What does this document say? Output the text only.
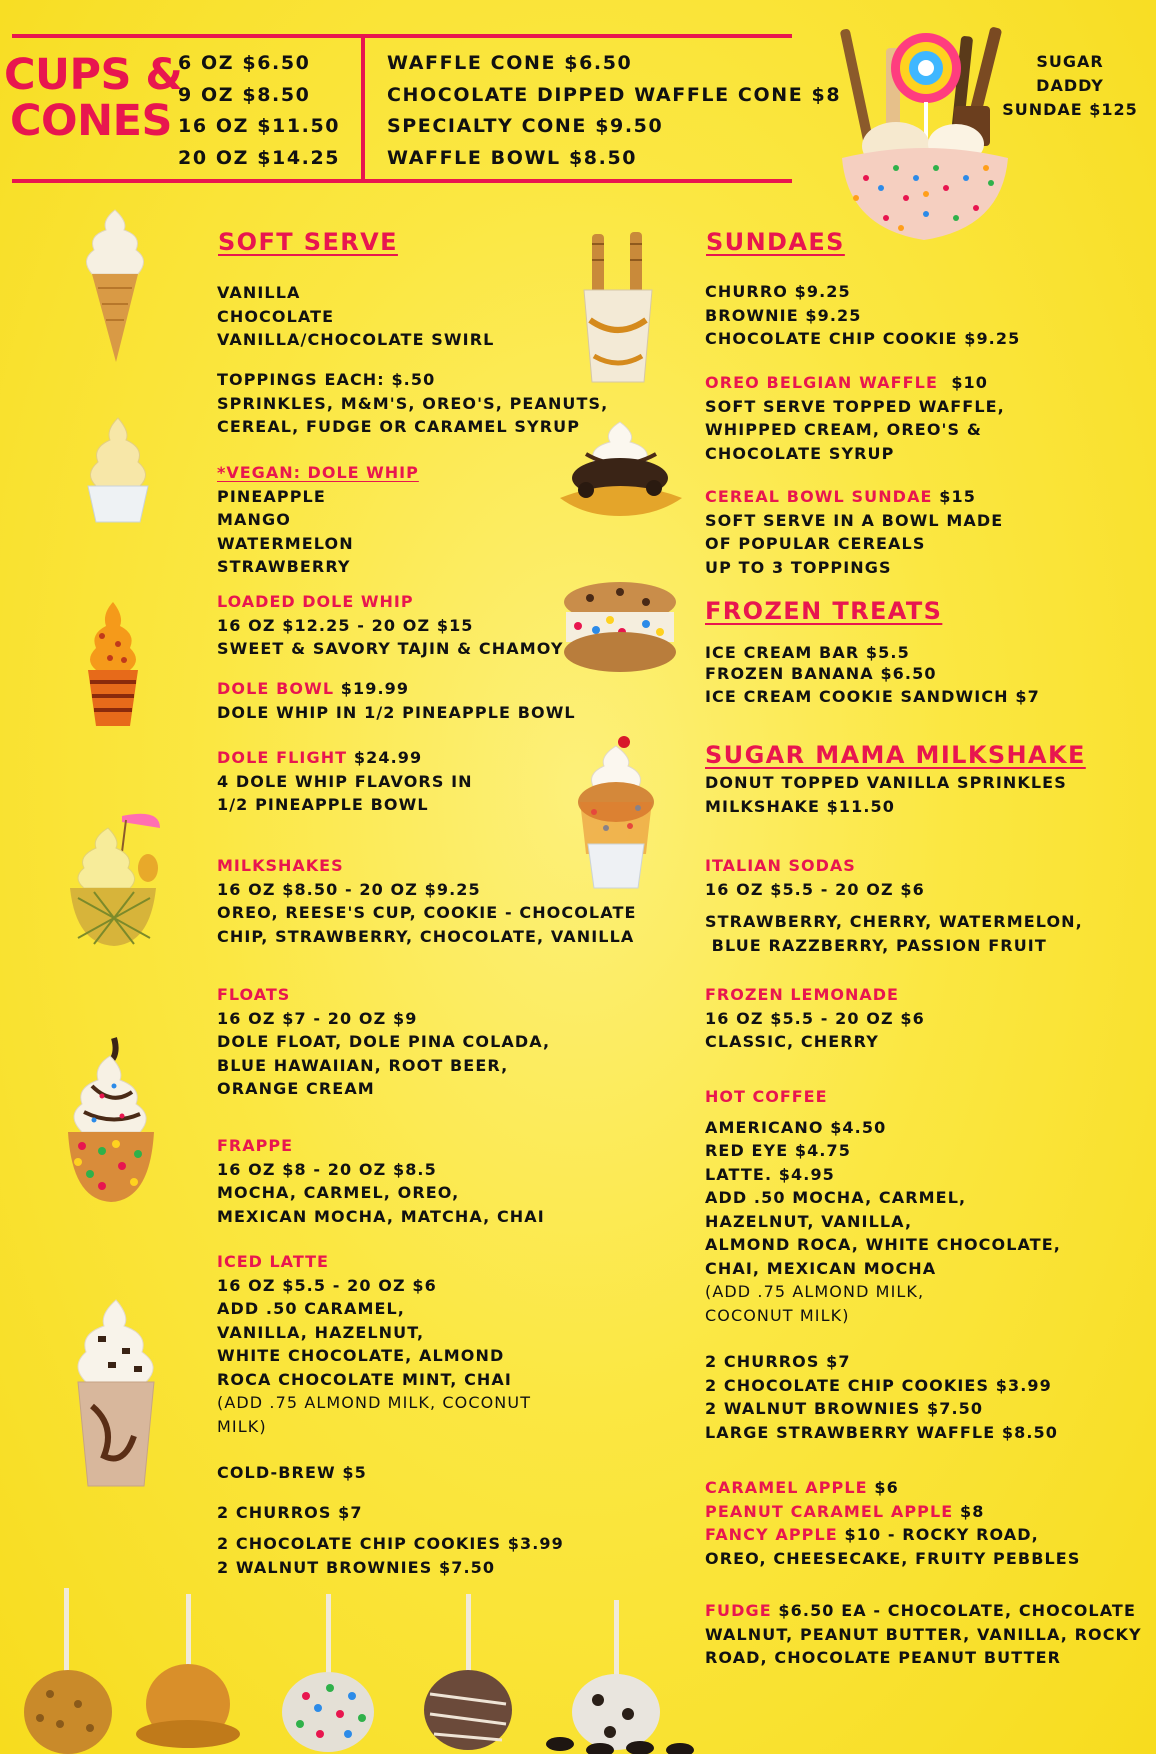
CUPS &
CONES
6 OZ $6.50
9 OZ $8.50
16 OZ $11.50
20 OZ $14.25
WAFFLE CONE $6.50
CHOCOLATE DIPPED WAFFLE CONE $8
SPECIALTY CONE $9.50
WAFFLE BOWL $8.50
SUGAR DADDY
SUNDAE $125
SOFT SERVE
VANILLA
CHOCOLATE
VANILLA/CHOCOLATE SWIRL
TOPPINGS EACH: $.50
SPRINKLES, M&M'S, OREO'S, PEANUTS,
CEREAL, FUDGE OR CARAMEL SYRUP
*VEGAN: DOLE WHIP
PINEAPPLE
MANGO
WATERMELON
STRAWBERRY
LOADED DOLE WHIP
16 OZ $12.25 - 20 OZ $15
SWEET & SAVORY TAJIN & CHAMOY
DOLE BOWL $19.99
DOLE WHIP IN 1/2 PINEAPPLE BOWL
DOLE FLIGHT $24.99
4 DOLE WHIP FLAVORS IN
1/2 PINEAPPLE BOWL
MILKSHAKES
16 OZ $8.50 - 20 OZ $9.25
OREO, REESE'S CUP, COOKIE - CHOCOLATE
CHIP, STRAWBERRY, CHOCOLATE, VANILLA
FLOATS
16 OZ $7 - 20 OZ $9
DOLE FLOAT, DOLE PINA COLADA,
BLUE HAWAIIAN, ROOT BEER,
ORANGE CREAM
FRAPPE
16 OZ $8 - 20 OZ $8.5
MOCHA, CARMEL, OREO,
MEXICAN MOCHA, MATCHA, CHAI
ICED LATTE
16 OZ $5.5 - 20 OZ $6
ADD .50 CARAMEL,
VANILLA, HAZELNUT,
WHITE CHOCOLATE, ALMOND
ROCA CHOCOLATE MINT, CHAI
(ADD .75 ALMOND MILK, COCONUT
MILK)
COLD-BREW $5
2 CHURROS $7
2 CHOCOLATE CHIP COOKIES $3.99
2 WALNUT BROWNIES $7.50
SUNDAES
CHURRO $9.25
BROWNIE $9.25
CHOCOLATE CHIP COOKIE $9.25
OREO BELGIAN WAFFLE  $10
SOFT SERVE TOPPED WAFFLE,
WHIPPED CREAM, OREO'S &
CHOCOLATE SYRUP
CEREAL BOWL SUNDAE $15
SOFT SERVE IN A BOWL MADE
OF POPULAR CEREALS
UP TO 3 TOPPINGS
FROZEN TREATS
ICE CREAM BAR $5.5
FROZEN BANANA $6.50
ICE CREAM COOKIE SANDWICH $7
SUGAR MAMA MILKSHAKE
DONUT TOPPED VANILLA SPRINKLES
MILKSHAKE $11.50
ITALIAN SODAS
16 OZ $5.5 - 20 OZ $6
STRAWBERRY, CHERRY, WATERMELON,
BLUE RAZZBERRY, PASSION FRUIT
FROZEN LEMONADE
16 OZ $5.5 - 20 OZ $6
CLASSIC, CHERRY
HOT COFFEE
AMERICANO $4.50
RED EYE $4.75
LATTE. $4.95
ADD .50 MOCHA, CARMEL,
HAZELNUT, VANILLA,
ALMOND ROCA, WHITE CHOCOLATE,
CHAI, MEXICAN MOCHA
(ADD .75 ALMOND MILK,
COCONUT MILK)
2 CHURROS $7
2 CHOCOLATE CHIP COOKIES $3.99
2 WALNUT BROWNIES $7.50
LARGE STRAWBERRY WAFFLE $8.50
CARAMEL APPLE $6
PEANUT CARAMEL APPLE $8
FANCY APPLE $10 - ROCKY ROAD,
OREO, CHEESECAKE, FRUITY PEBBLES
FUDGE $6.50 EA - CHOCOLATE, CHOCOLATE
WALNUT, PEANUT BUTTER, VANILLA, ROCKY
ROAD, CHOCOLATE PEANUT BUTTER
